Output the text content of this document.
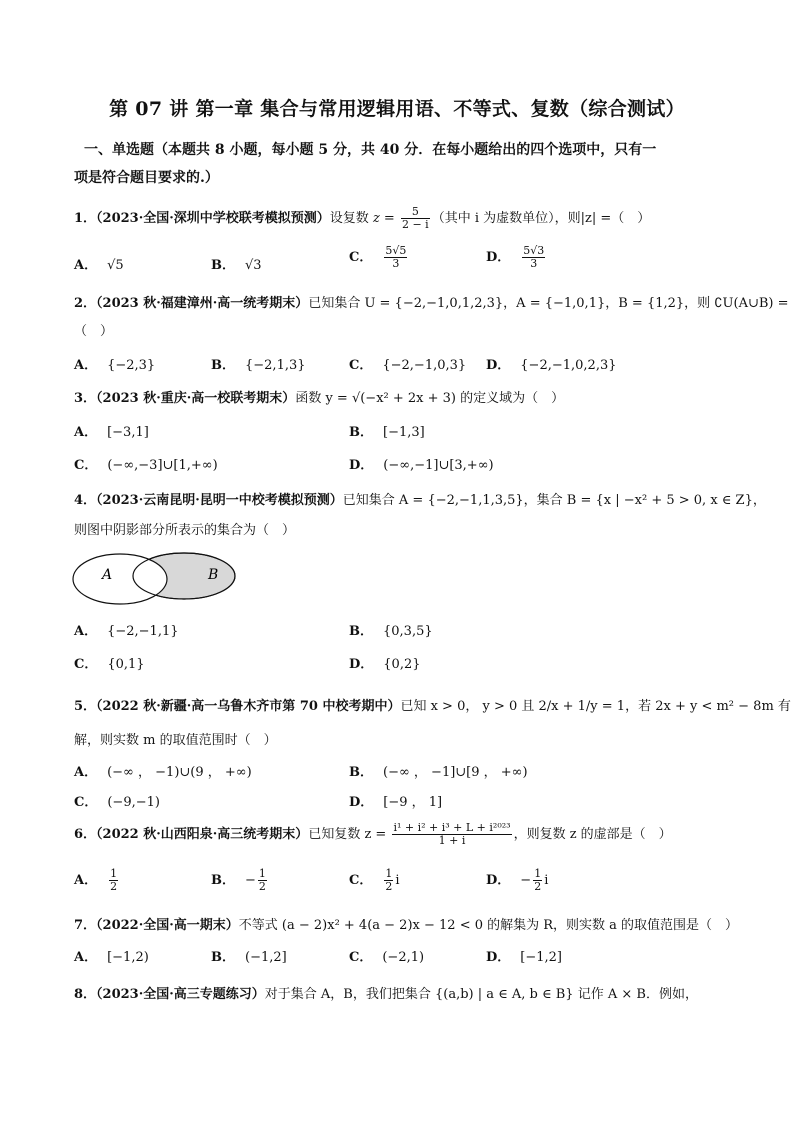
第 07 讲 第一章 集合与常用逻辑用语、不等式、复数（综合测试）
一、单选题（本题共 8 小题，每小题 5 分，共 40 分．在每小题给出的四个选项中，只有一
项是符合题目要求的.）
1．（2023·全国·深圳中学校联考模拟预测）设复数 $z = \frac{5}{2 - i}$ （其中 i 为虚数单位），则|z| =（　）
A． √5	B． √3
C． $\frac{5√5}{3}$	D． $\frac{5√3}{3}$
2．（2023 秋·福建漳州·高一统考期末）已知集合 U = {−2,−1,0,1,2,3}，A = {−1,0,1}，B = {1,2}，则 ∁U(A∪B) =
（　）
A． {−2,3}	B． {−2,1,3}	C． {−2,−1,0,3} D． {−2,−1,0,2,3}
3．（2023 秋·重庆·高一校联考期末）函数 y = √(−x² + 2x + 3) 的定义域为（　）
A． [−3,1]	B． [−1,3]
C． (−∞,−3]∪[1,+∞)	D． (−∞,−1]∪[3,+∞)
4．（2023·云南昆明·昆明一中校考模拟预测）已知集合 A = {−2,−1,1,3,5}，集合 B = {x | −x² + 5 > 0, x ∈ Z}，
则图中阴影部分所表示的集合为（　）
A	B
A． {−2,−1,1}	B． {0,3,5}
C． {0,1}	D． {0,2}
5．（2022 秋·新疆·高一乌鲁木齐市第 70 中校考期中）已知 x > 0， y > 0 且 2/x + 1/y = 1，若 2x + y < m² − 8m 有
解，则实数 m 的取值范围时（　）
A． (−∞ ， −1)∪(9 ， +∞)	B． (−∞ ， −1]∪[9 ， +∞)
C． (−9,−1)	D． [−9 ， 1]
6．（2022 秋·山西阳泉·高三统考期末）已知复数 $z = \frac{\text{i¹ + i² + i³ + L + i²⁰²³}}{1 + i}$ ，则复数 z 的虚部是（　）
A． $\frac{1}{2}$	B． − $\frac{1}{2}$	C． $\frac{1}{2}$ i	D． − $\frac{1}{2}$ i
7．（2022·全国·高一期末）不等式 (a − 2)x² + 4(a − 2)x − 12 < 0 的解集为 R，则实数 a 的取值范围是（　）
A． [−1,2)	B． (−1,2]	C． (−2,1)	D． [−1,2]
8．（2023·全国·高三专题练习）对于集合 A，B，我们把集合 {(a,b) | a ∈ A, b ∈ B} 记作 A × B．例如，
